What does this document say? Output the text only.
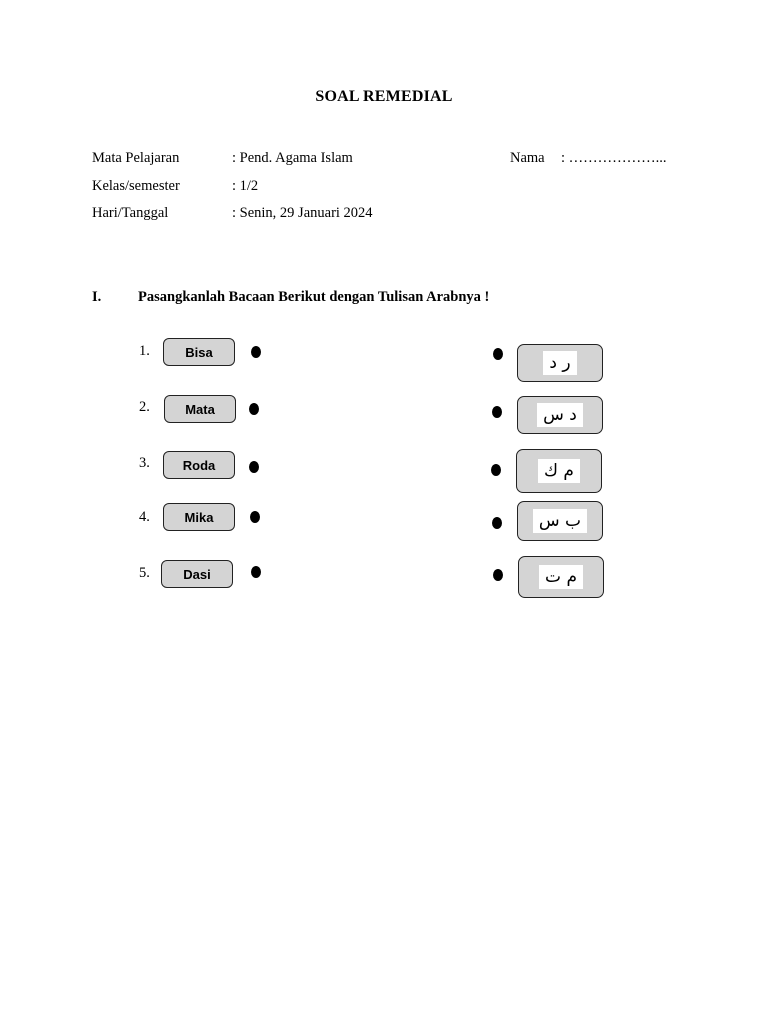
SOAL REMEDIAL
Mata Pelajaran	: Pend. Agama Islam	Nama : ………………...
Kelas/semester	: 1/2
Hari/Tanggal	: Senin, 29 Januari 2024
I.	Pasangkanlah Bacaan Berikut dengan Tulisan Arabnya !
1.	Bisa
2.	Mata
3.	Roda
4.	Mika
5.	Dasi
ر د
د س
م ك
ب س
م ت
